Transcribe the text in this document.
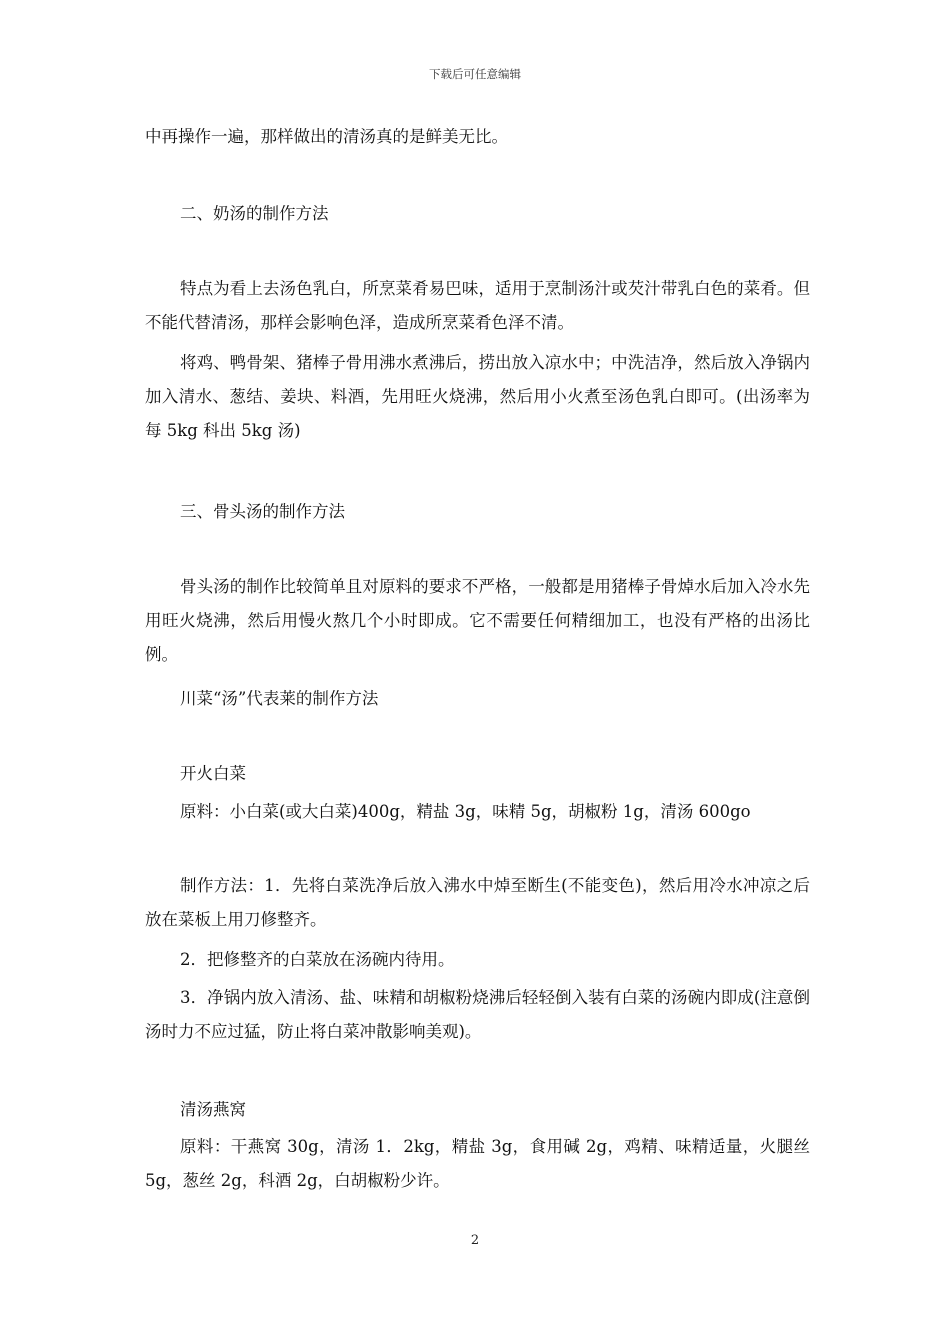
下载后可任意编辑

中再操作一遍，那样做出的清汤真的是鲜美无比。

二、奶汤的制作方法

特点为看上去汤色乳白，所烹菜肴易巴味，适用于烹制汤汁或芡汁带乳白色的菜肴。但不能代替清汤，那样会影响色泽，造成所烹菜肴色泽不清。

将鸡、鸭骨架、猪棒子骨用沸水煮沸后，捞出放入凉水中；中洗洁净，然后放入净锅内加入清水、葱结、姜块、料酒，先用旺火烧沸，然后用小火煮至汤色乳白即可。(出汤率为每 5kg 科出 5kg 汤)

三、骨头汤的制作方法

骨头汤的制作比较简单且对原料的要求不严格，一般都是用猪棒子骨焯水后加入冷水先用旺火烧沸，然后用慢火熬几个小时即成。它不需要任何精细加工，也没有严格的出汤比例。

川菜“汤”代表莱的制作方法

开火白菜

原料：小白菜(或大白菜)400g，精盐 3g，味精 5g，胡椒粉 1g，清汤 600go

制作方法：1．先将白菜洗净后放入沸水中焯至断生(不能变色)，然后用冷水冲凉之后放在菜板上用刀修整齐。

2．把修整齐的白菜放在汤碗内待用。

3．净锅内放入清汤、盐、味精和胡椒粉烧沸后轻轻倒入装有白菜的汤碗内即成(注意倒汤时力不应过猛，防止将白菜冲散影响美观)。

清汤燕窝

原料：干燕窝 30g，清汤 1．2kg，精盐 3g，食用碱 2g，鸡精、味精适量，火腿丝 5g，葱丝 2g，科酒 2g，白胡椒粉少许。

2
